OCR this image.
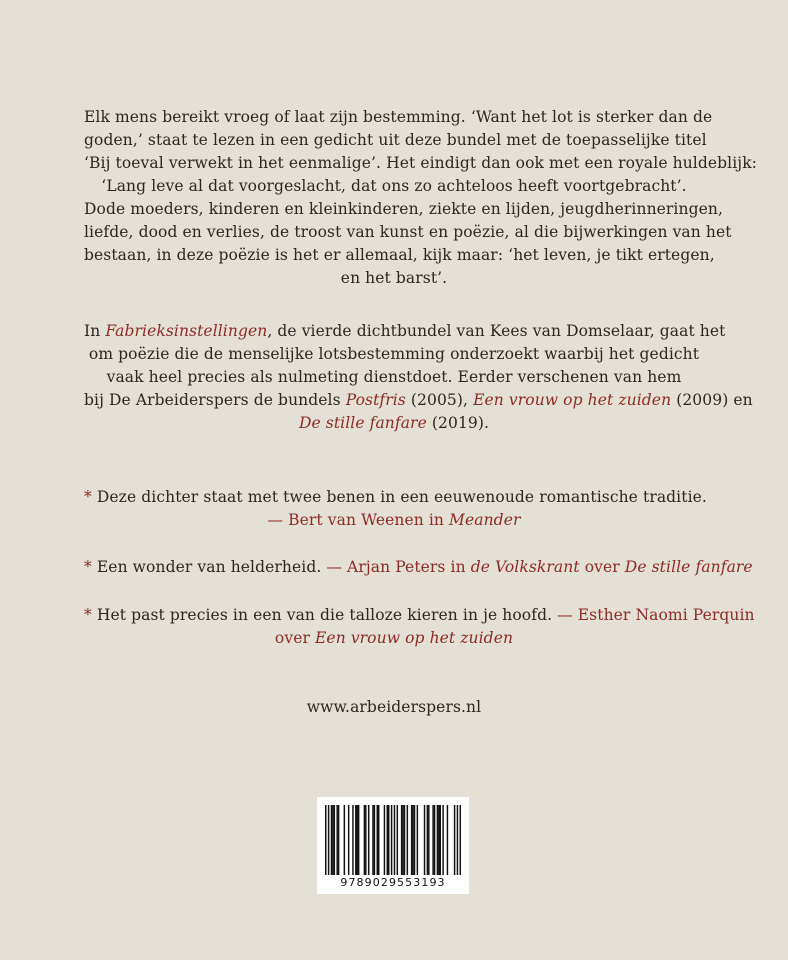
Elk mens bereikt vroeg of laat zijn bestemming. ‘Want het lot is sterker dan de
goden,’ staat te lezen in een gedicht uit deze bundel met de toepasselijke titel
‘Bij toeval verwekt in het eenmalige’. Het eindigt dan ook met een royale huldeblijk:
‘Lang leve al dat voorgeslacht, dat ons zo achteloos heeft voortgebracht’.
Dode moeders, kinderen en kleinkinderen, ziekte en lijden, jeugdherinneringen,
liefde, dood en verlies, de troost van kunst en poëzie, al die bijwerkingen van het
bestaan, in deze poëzie is het er allemaal, kijk maar: ‘het leven, je tikt ertegen,
en het barst’.
In Fabrieksinstellingen, de vierde dichtbundel van Kees van Domselaar, gaat het
om poëzie die de menselijke lotsbestemming onderzoekt waarbij het gedicht
vaak heel precies als nulmeting dienstdoet. Eerder verschenen van hem
bij De Arbeiderspers de bundels Postfris (2005), Een vrouw op het zuiden (2009) en
De stille fanfare (2019).
* Deze dichter staat met twee benen in een eeuwenoude romantische traditie.
— Bert van Weenen in Meander
* Een wonder van helderheid. — Arjan Peters in de Volkskrant over De stille fanfare
* Het past precies in een van die talloze kieren in je hoofd. — Esther Naomi Perquin
over Een vrouw op het zuiden
www.arbeiderspers.nl
9789029553193
